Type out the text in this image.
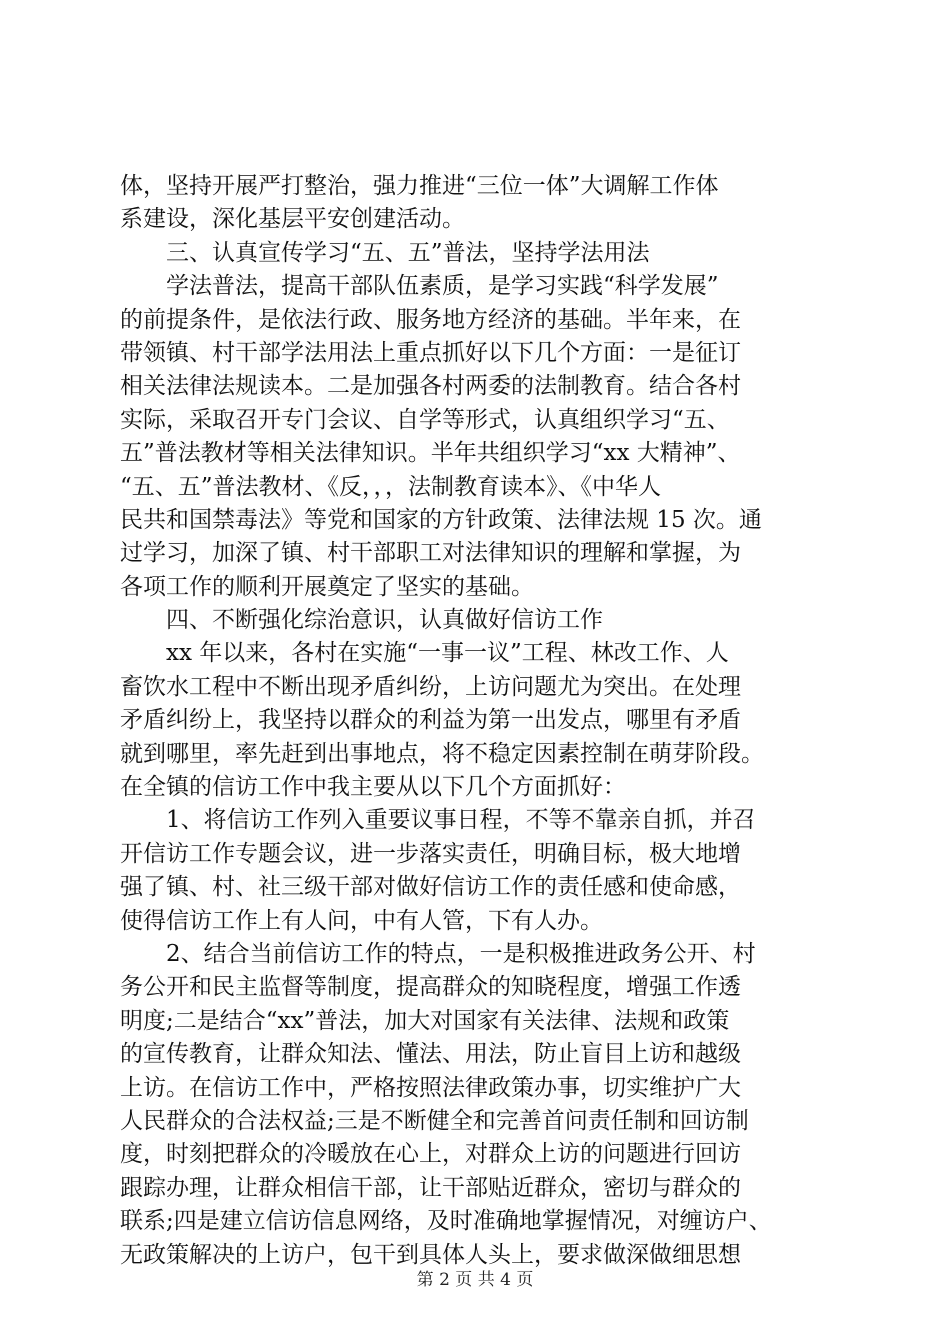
体，坚持开展严打整治，强力推进“三位一体”大调解工作体
系建设，深化基层平安创建活动。
三、认真宣传学习“五、五”普法，坚持学法用法
学法普法，提高干部队伍素质，是学习实践“科学发展”
的前提条件，是依法行政、服务地方经济的基础。半年来，在
带领镇、村干部学法用法上重点抓好以下几个方面：一是征订
相关法律法规读本。二是加强各村两委的法制教育。结合各村
实际，采取召开专门会议、自学等形式，认真组织学习“五、
五”普法教材等相关法律知识。半年共组织学习“xx 大精神”、
“五、五”普法教材、《反，，，法制教育读本》、《中华人
民共和国禁毒法》等党和国家的方针政策、法律法规 15 次。通
过学习，加深了镇、村干部职工对法律知识的理解和掌握，为
各项工作的顺利开展奠定了坚实的基础。
四、不断强化综治意识，认真做好信访工作
xx 年以来，各村在实施“一事一议”工程、林改工作、人
畜饮水工程中不断出现矛盾纠纷，上访问题尤为突出。在处理
矛盾纠纷上，我坚持以群众的利益为第一出发点，哪里有矛盾
就到哪里，率先赶到出事地点，将不稳定因素控制在萌芽阶段。
在全镇的信访工作中我主要从以下几个方面抓好：
1、将信访工作列入重要议事日程，不等不靠亲自抓，并召
开信访工作专题会议，进一步落实责任，明确目标，极大地增
强了镇、村、社三级干部对做好信访工作的责任感和使命感，
使得信访工作上有人问，中有人管，下有人办。
2、结合当前信访工作的特点，一是积极推进政务公开、村
务公开和民主监督等制度，提高群众的知晓程度，增强工作透
明度;二是结合“xx”普法，加大对国家有关法律、法规和政策
的宣传教育，让群众知法、懂法、用法，防止盲目上访和越级
上访。在信访工作中，严格按照法律政策办事，切实维护广大
人民群众的合法权益;三是不断健全和完善首问责任制和回访制
度，时刻把群众的冷暖放在心上，对群众上访的问题进行回访
跟踪办理，让群众相信干部，让干部贴近群众，密切与群众的
联系;四是建立信访信息网络，及时准确地掌握情况，对缠访户、
无政策解决的上访户，包干到具体人头上，要求做深做细思想
第 2 页 共 4 页
